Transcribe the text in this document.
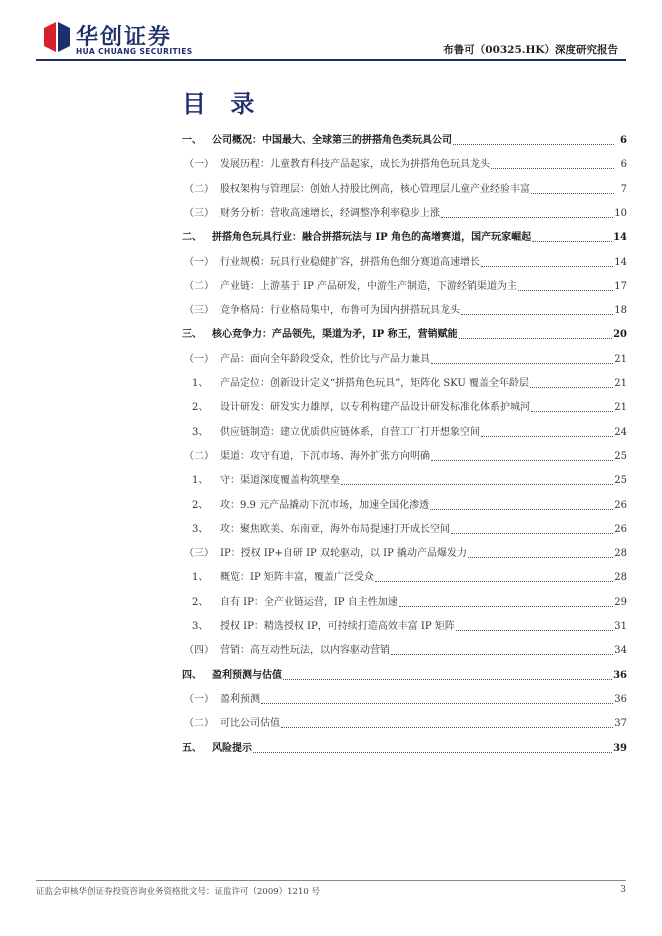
华创证券
HUA CHUANG SECURITIES	布鲁可（00325.HK）深度研究报告
目 录
一、	公司概况：中国最大、全球第三的拼搭角色类玩具公司	6
（一） 发展历程：儿童教育科技产品起家，成长为拼搭角色玩具龙头	6
（二） 股权架构与管理层：创始人持股比例高，核心管理层儿童产业经验丰富	7
（三） 财务分析：营收高速增长，经调整净利率稳步上涨	10
二、	拼搭角色玩具行业：融合拼搭玩法与 IP 角色的高增赛道，国产玩家崛起	14
（一） 行业规模：玩具行业稳健扩容，拼搭角色细分赛道高速增长	14
（二） 产业链：上游基于 IP 产品研发，中游生产制造，下游经销渠道为主	17
（三） 竞争格局：行业格局集中，布鲁可为国内拼搭玩具龙头	18
三、	核心竞争力：产品领先，渠道为矛，IP 称王，营销赋能	20
（一） 产品：面向全年龄段受众，性价比与产品力兼具	21
1、	产品定位：创新设计定义“拼搭角色玩具”，矩阵化 SKU 覆盖全年龄层	21
2、	设计研发：研发实力雄厚，以专利构建产品设计研发标准化体系护城河	21
3、	供应链制造：建立优质供应链体系，自营工厂打开想象空间	24
（二） 渠道：攻守有道，下沉市场、海外扩张方向明确	25
1、	守：渠道深度覆盖构筑壁垒	25
2、	攻：9.9 元产品撬动下沉市场，加速全国化渗透	26
3、	攻：聚焦欧美、东南亚，海外布局提速打开成长空间	26
（三） IP：授权 IP+自研 IP 双轮驱动，以 IP 撬动产品爆发力	28
1、	概览：IP 矩阵丰富，覆盖广泛受众	28
2、	自有 IP：全产业链运营，IP 自主性加速	29
3、	授权 IP：精选授权 IP，可持续打造高效丰富 IP 矩阵	31
（四） 营销：高互动性玩法，以内容驱动营销	34
四、	盈利预测与估值	36
（一） 盈利预测	36
（二） 可比公司估值	37
五、	风险提示	39
证监会审核华创证券投资咨询业务资格批文号：证监许可（2009）1210 号	3
